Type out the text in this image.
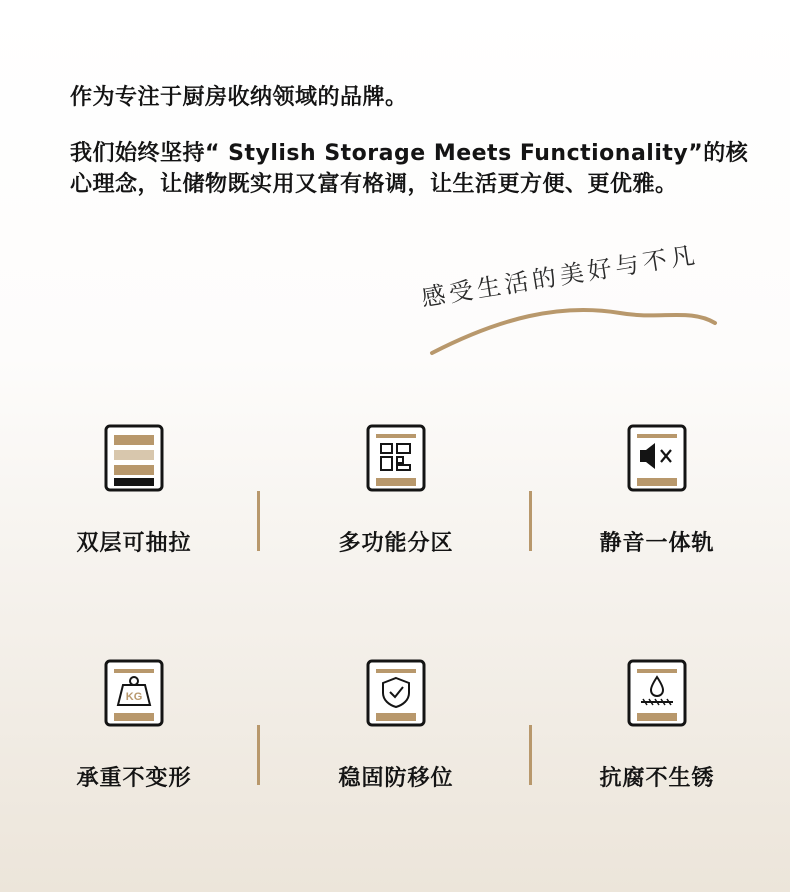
作为专注于厨房收纳领域的品牌。

我们始终坚持“ Stylish Storage Meets Functionality”的核心理念，让储物既实用又富有格调，让生活更方便、更优雅。

感受生活的美好与不凡
双层可抽拉	多功能分区	静音一体轨
KG
承重不变形	稳固防移位	抗腐不生锈
